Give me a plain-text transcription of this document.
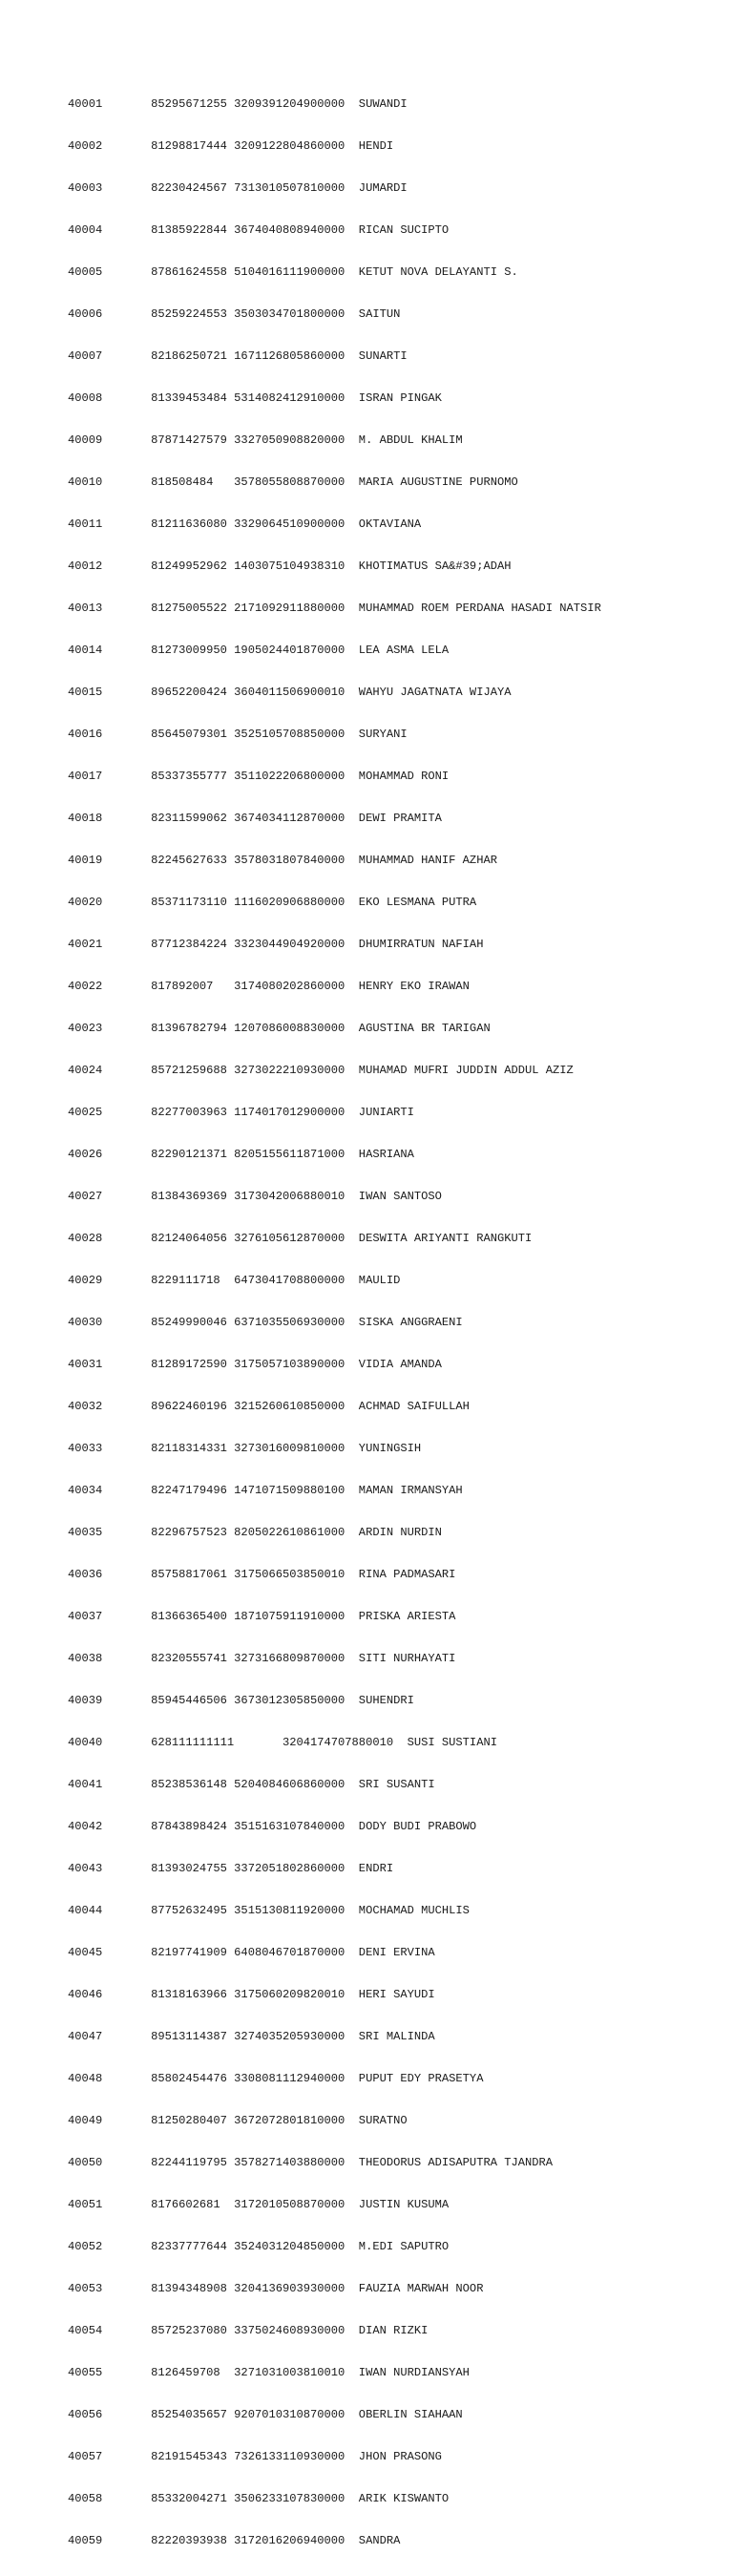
40001       85295671255 3209391204900000  SUWANDI

40002       81298817444 3209122804860000  HENDI

40003       82230424567 7313010507810000  JUMARDI

40004       81385922844 3674040808940000  RICAN SUCIPTO

40005       87861624558 5104016111900000  KETUT NOVA DELAYANTI S.

40006       85259224553 3503034701800000  SAITUN

40007       82186250721 1671126805860000  SUNARTI

40008       81339453484 5314082412910000  ISRAN PINGAK

40009       87871427579 3327050908820000  M. ABDUL KHALIM

40010       818508484   3578055808870000  MARIA AUGUSTINE PURNOMO

40011       81211636080 3329064510900000  OKTAVIANA

40012       81249952962 1403075104938310  KHOTIMATUS SA&#39;ADAH

40013       81275005522 2171092911880000  MUHAMMAD ROEM PERDANA HASADI NATSIR

40014       81273009950 1905024401870000  LEA ASMA LELA

40015       89652200424 3604011506900010  WAHYU JAGATNATA WIJAYA

40016       85645079301 3525105708850000  SURYANI

40017       85337355777 3511022206800000  MOHAMMAD RONI

40018       82311599062 3674034112870000  DEWI PRAMITA

40019       82245627633 3578031807840000  MUHAMMAD HANIF AZHAR

40020       85371173110 1116020906880000  EKO LESMANA PUTRA

40021       87712384224 3323044904920000  DHUMIRRATUN NAFIAH

40022       817892007   3174080202860000  HENRY EKO IRAWAN

40023       81396782794 1207086008830000  AGUSTINA BR TARIGAN

40024       85721259688 3273022210930000  MUHAMAD MUFRI JUDDIN ADDUL AZIZ

40025       82277003963 1174017012900000  JUNIARTI

40026       82290121371 8205155611871000  HASRIANA

40027       81384369369 3173042006880010  IWAN SANTOSO

40028       82124064056 3276105612870000  DESWITA ARIYANTI RANGKUTI

40029       8229111718  6473041708800000  MAULID

40030       85249990046 6371035506930000  SISKA ANGGRAENI

40031       81289172590 3175057103890000  VIDIA AMANDA

40032       89622460196 3215260610850000  ACHMAD SAIFULLAH

40033       82118314331 3273016009810000  YUNINGSIH

40034       82247179496 1471071509880100  MAMAN IRMANSYAH

40035       82296757523 8205022610861000  ARDIN NURDIN

40036       85758817061 3175066503850010  RINA PADMASARI

40037       81366365400 1871075911910000  PRISKA ARIESTA

40038       82320555741 3273166809870000  SITI NURHAYATI

40039       85945446506 3673012305850000  SUHENDRI

40040       628111111111       3204174707880010  SUSI SUSTIANI

40041       85238536148 5204084606860000  SRI SUSANTI

40042       87843898424 3515163107840000  DODY BUDI PRABOWO

40043       81393024755 3372051802860000  ENDRI

40044       87752632495 3515130811920000  MOCHAMAD MUCHLIS

40045       82197741909 6408046701870000  DENI ERVINA

40046       81318163966 3175060209820010  HERI SAYUDI

40047       89513114387 3274035205930000  SRI MALINDA

40048       85802454476 3308081112940000  PUPUT EDY PRASETYA

40049       81250280407 3672072801810000  SURATNO

40050       82244119795 3578271403880000  THEODORUS ADISAPUTRA TJANDRA

40051       8176602681  3172010508870000  JUSTIN KUSUMA

40052       82337777644 3524031204850000  M.EDI SAPUTRO

40053       81394348908 3204136903930000  FAUZIA MARWAH NOOR

40054       85725237080 3375024608930000  DIAN RIZKI

40055       8126459708  3271031003810010  IWAN NURDIANSYAH

40056       85254035657 9207010310870000  OBERLIN SIAHAAN

40057       82191545343 7326133110930000  JHON PRASONG

40058       85332004271 3506233107830000  ARIK KISWANTO

40059       82220393938 3172016206940000  SANDRA
